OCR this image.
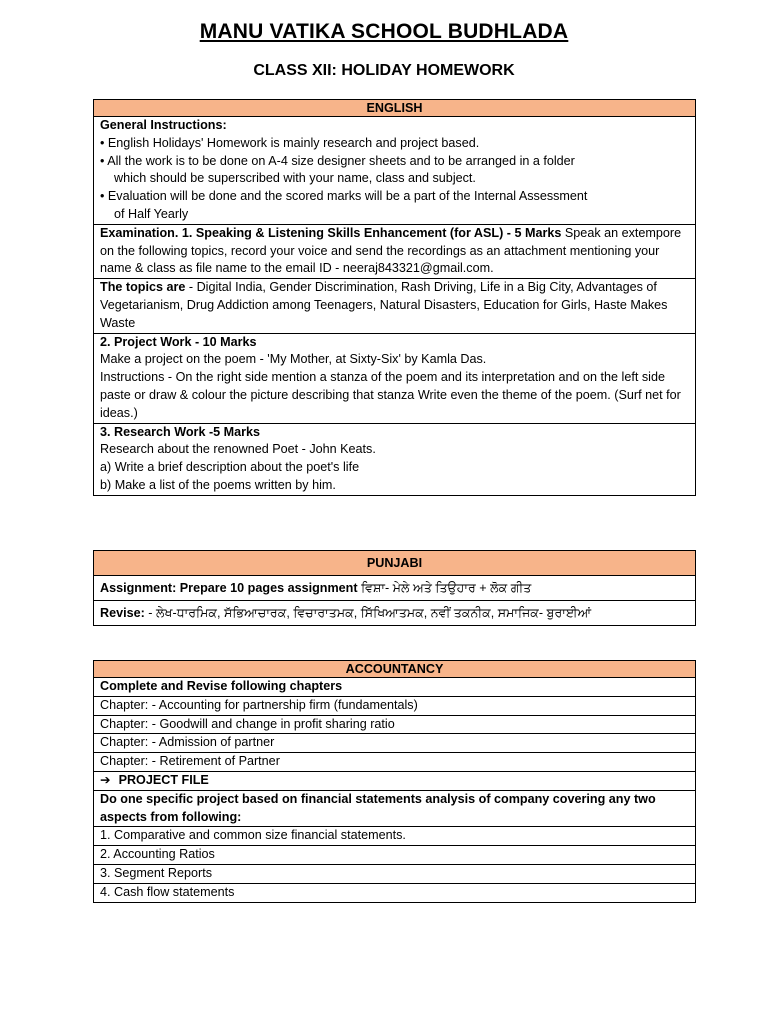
MANU VATIKA SCHOOL BUDHLADA
CLASS XII: HOLIDAY HOMEWORK
ENGLISH

General Instructions:
• English Holidays' Homework is mainly research and project based.
• All the work is to be done on A-4 size designer sheets and to be arranged in a folder
which should be superscribed with your name, class and subject.
• Evaluation will be done and the scored marks will be a part of the Internal Assessment
of Half Yearly

Examination. 1. Speaking & Listening Skills Enhancement (for ASL) - 5 Marks Speak an extempore on the following topics, record your voice and send the recordings as an attachment mentioning your name & class as file name to the email ID - neeraj843321@gmail.com.
The topics are - Digital India, Gender Discrimination, Rash Driving, Life in a Big City, Advantages of Vegetarianism, Drug Addiction among Teenagers, Natural Disasters, Education for Girls, Haste Makes Waste

2. Project Work - 10 Marks
Make a project on the poem - 'My Mother, at Sixty-Six' by Kamla Das.
Instructions - On the right side mention a stanza of the poem and its interpretation and on the left side paste or draw & colour the picture describing that stanza Write even the theme of the poem. (Surf net for ideas.)

3. Research Work -5 Marks
Research about the renowned Poet - John Keats.
a) Write a brief description about the poet's life
b) Make a list of the poems written by him.
PUNJABI
Assignment: Prepare 10 pages assignment ਵਿਸ਼ਾ- ਮੇਲੇ ਅਤੇ ਤਿਉਹਾਰ + ਲੋਕ ਗੀਤ
Revise: - ਲੇਖ-ਧਾਰਮਿਕ, ਸੱਭਿਆਚਾਰਕ, ਵਿਚਾਰਾਤਮਕ, ਸਿੱਖਿਆਤਮਕ, ਨਵੀਂ ਤਕਨੀਕ, ਸਮਾਜਿਕ- ਬੁਰਾਈਆਂ
ACCOUNTANCY
Complete and Revise following chapters
Chapter: - Accounting for partnership firm (fundamentals)
Chapter: - Goodwill and change in profit sharing ratio
Chapter: - Admission of partner
Chapter: - Retirement of Partner
➔ PROJECT FILE
Do one specific project based on financial statements analysis of company covering any two aspects from following:
1. Comparative and common size financial statements.
2. Accounting Ratios
3. Segment Reports
4. Cash flow statements
